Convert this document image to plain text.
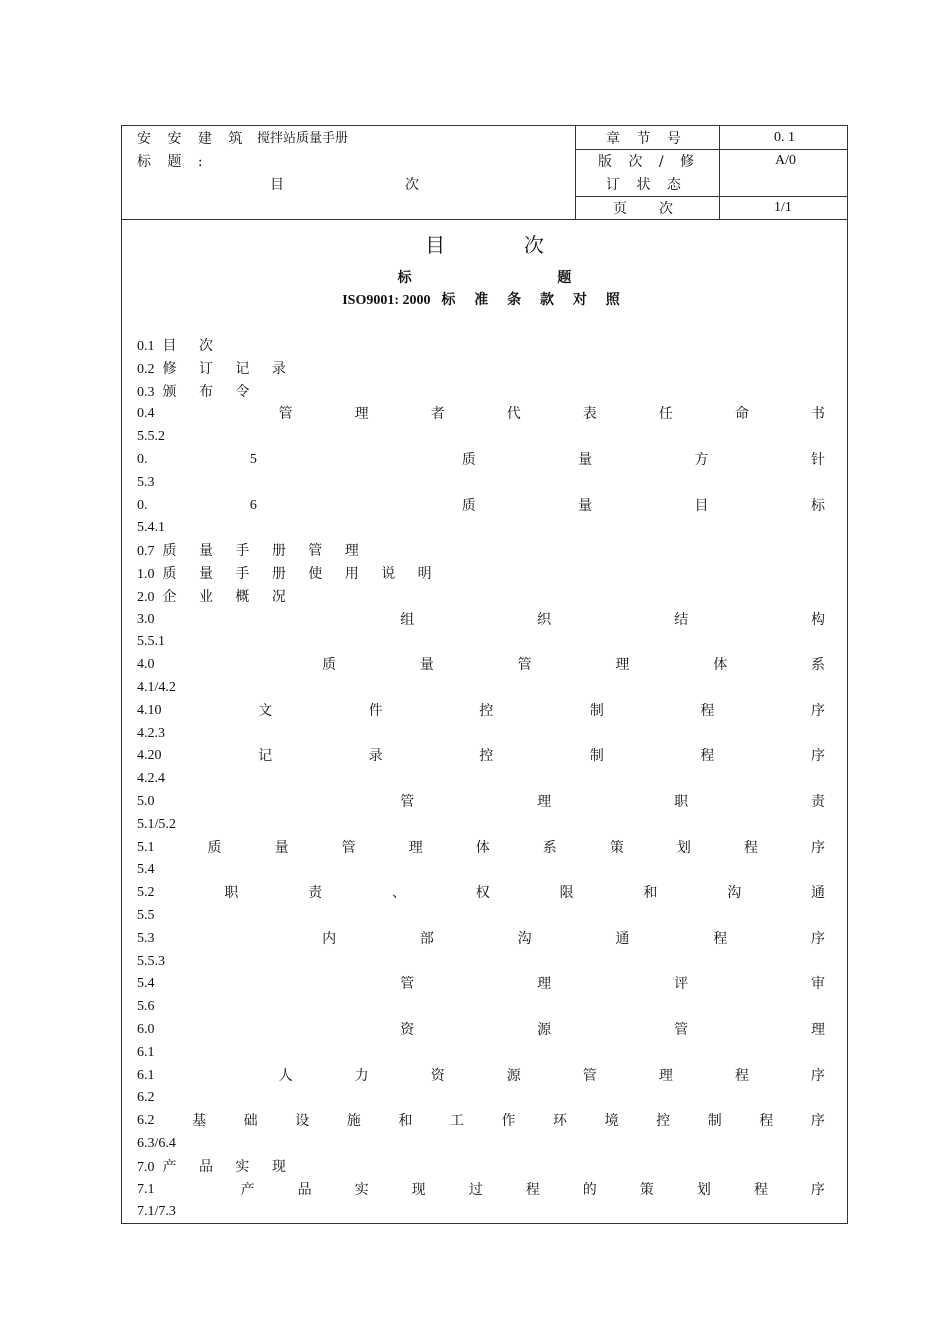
安 安 建 筑 搅拌站质量手册
标 题 :
目	次
章 节 号	0. 1
版 次 / 修
订 状 态
A/0
页 次	1/1
目	次
标	题
ISO9001: 2000 标 准 条 款 对 照
0.1 目 次
0.2 修 订 记 录
0.3 颁 布 令
0.4	管	理	者	代	表	任	命	书
5.5.2
0.	5	质	量	方	针
5.3
0.	6	质	量	目	标
5.4.1
0.7 质 量 手 册 管 理
1.0 质 量 手 册 使 用 说 明
2.0 企 业 概 况
3.0	组	织	结	构
5.5.1
4.0	质	量	管	理	体	系
4.1/4.2
4.10	文	件	控	制	程	序
4.2.3
4.20	记	录	控	制	程	序
4.2.4
5.0	管	理	职	责
5.1/5.2
5.1	质	量	管	理	体	系	策	划	程	序
5.4
5.2	职	责	、	权	限	和	沟	通
5.5
5.3	内	部	沟	通	程	序
5.5.3
5.4	管	理	评	审
5.6
6.0	资	源	管	理
6.1
6.1	人	力	资	源	管	理	程	序
6.2
6.2	基	础	设	施	和	工	作	环	境	控	制	程	序
6.3/6.4
7.0 产 品 实 现
7.1	产	品	实	现	过	程	的	策	划	程	序
7.1/7.3
